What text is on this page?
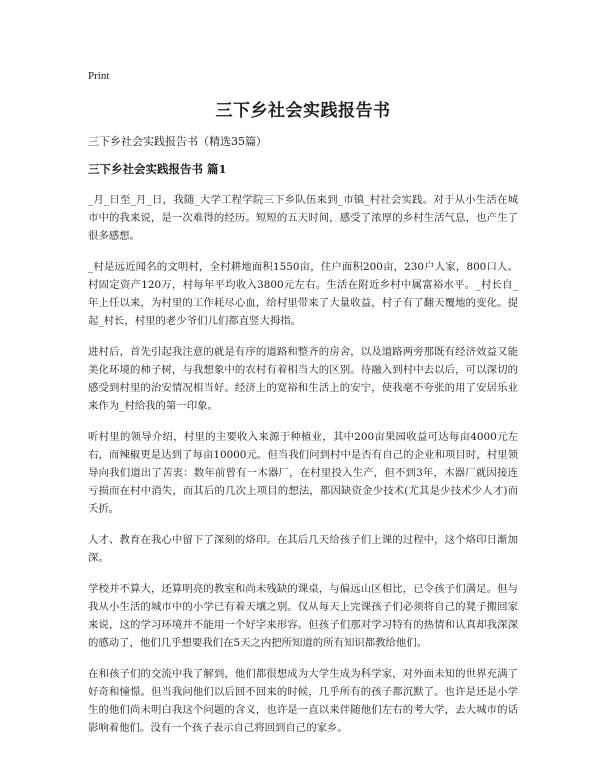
Print
三下乡社会实践报告书
三下乡社会实践报告书（精选35篇）
三下乡社会实践报告书 篇1

_月_日至_月_日，我随_大学工程学院三下乡队伍来到_市镇_村社会实践。对于从小生活在城市中的我来说，是一次难得的经历。短短的五天时间，感受了浓厚的乡村生活气息，也产生了很多感想。

_村是远近闻名的文明村，全村耕地面积1550亩，住户面积200亩，230户人家，800口人。村固定资产120万，村每年平均收入3800元左右。生活在附近乡村中属富裕水平。_村长自_年上任以来，为村里的工作耗尽心血，给村里带来了大量收益，村子有了翻天覆地的变化。提起_村长，村里的老少爷们儿们都直竖大拇指。

进村后，首先引起我注意的就是有序的道路和整齐的房舍，以及道路两旁那既有经济效益又能美化环境的柿子树，与我想象中的农村有着相当大的区别。待融入到村中去以后，可以深切的感受到村里的治安情况相当好。经济上的宽裕和生活上的安宁，使我毫不夸张的用了安居乐业来作为_村给我的第一印象。

听村里的领导介绍，村里的主要收入来源于种植业，其中200亩果园收益可达每亩4000元左右，而辣椒更是达到了每亩10000元。但当我们问到村中是否有自己的企业和项目时，村里领导向我们道出了苦衷：数年前曾有一木器厂，在村里投入生产，但不到3年，木器厂就因接连亏损而在村中消失，而其后的几次上项目的想法，都因缺资金少技术(尤其是少技术少人才)而夭折。

人才、教育在我心中留下了深刻的烙印。在其后几天给孩子们上课的过程中，这个烙印日渐加深。

学校并不算大，还算明亮的教室和尚未残缺的课桌，与偏远山区相比，已令孩子们满足。但与我从小生活的城市中的小学已有着天壤之别。仅从每天上完课孩子们必须将自己的凳子搬回家来说，这的学习环境并不能用一个好字来形容。但孩子们那对学习特有的热情和认真却我深深的感动了，他们几乎想要我们在5天之内把所知道的所有知识都教给他们。

在和孩子们的交流中我了解到，他们都很想成为大学生成为科学家，对外面未知的世界充满了好奇和憧憬。但当我问他们以后回不回来的时候，几乎所有的孩子都沉默了。也许是还是小学生的他们尚未明白我这个问题的含义，也许是一直以来伴随他们左右的考大学，去大城市的话影响着他们。没有一个孩子表示自己将回到自己的家乡。
